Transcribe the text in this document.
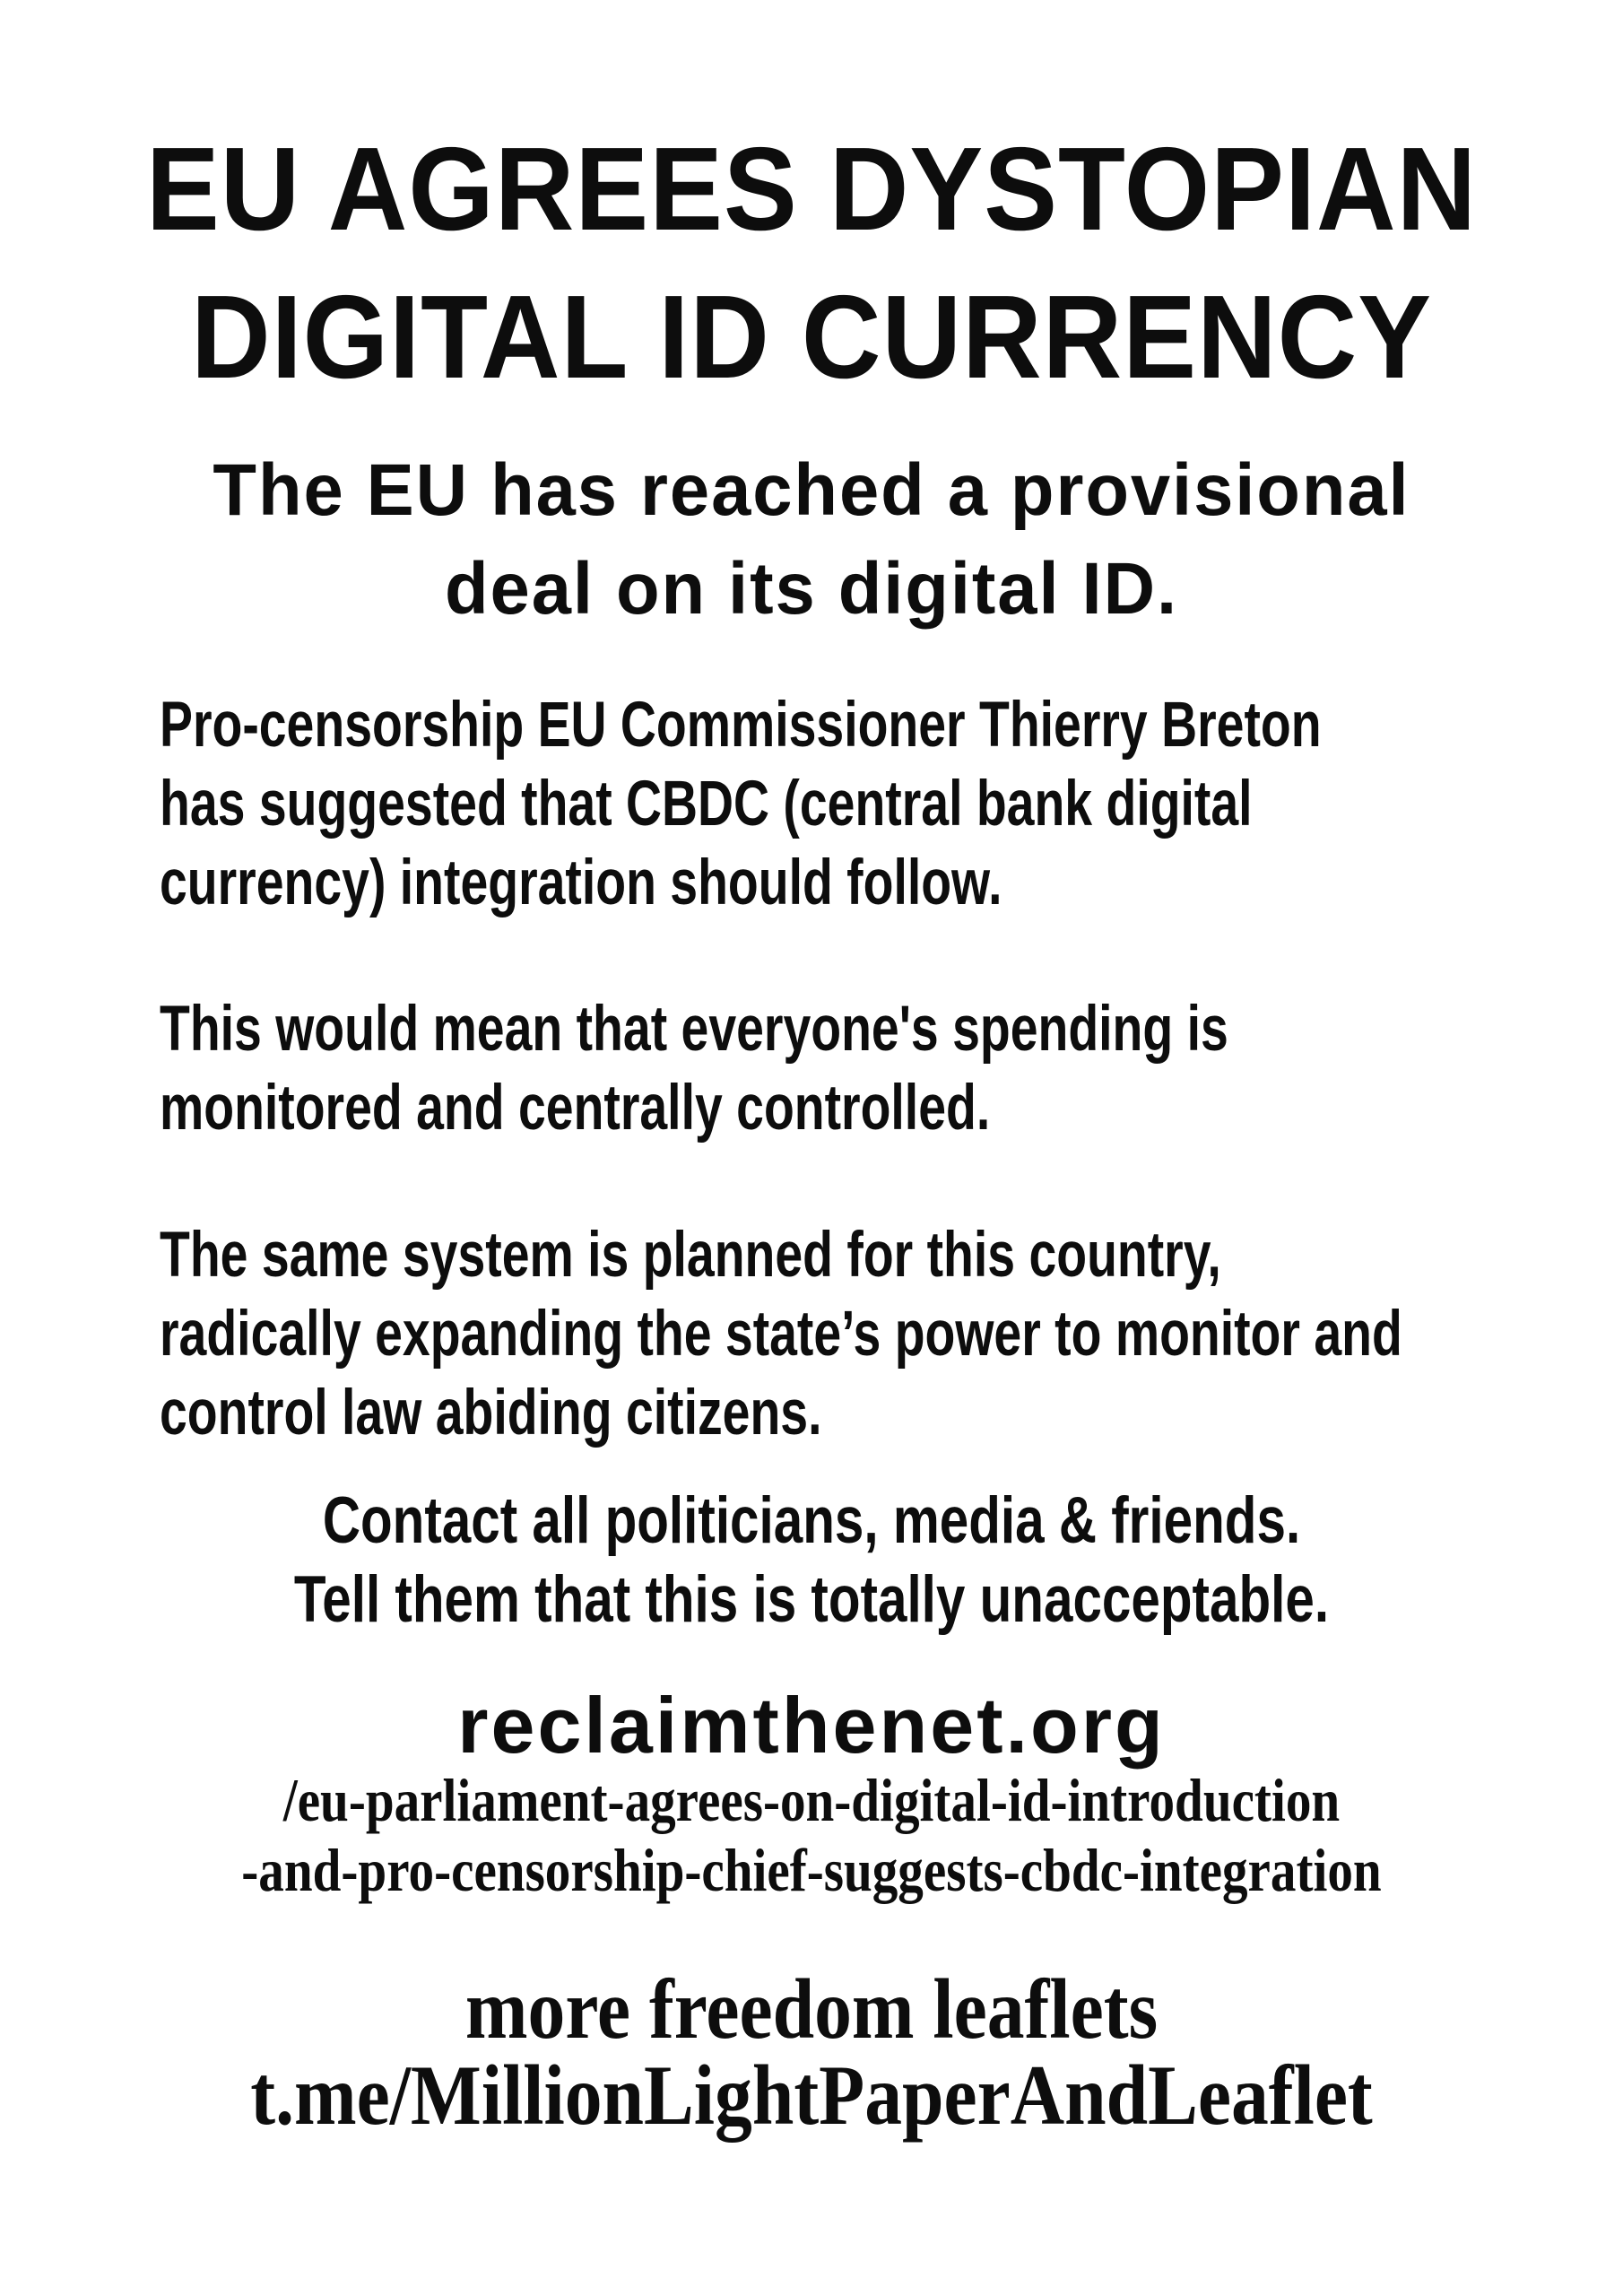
EU AGREES DYSTOPIAN
DIGITAL ID CURRENCY
The EU has reached a provisional
deal on its digital ID.
Pro-censorship EU Commissioner Thierry Breton
has suggested that CBDC (central bank digital
currency) integration should follow.
This would mean that everyone's spending is
monitored and centrally controlled.
The same system is planned for this country,
radically expanding the state’s power to monitor and
control law abiding citizens.
Contact all politicians, media & friends.
Tell them that this is totally unacceptable.
reclaimthenet.org
/eu-parliament-agrees-on-digital-id-introduction
-and-pro-censorship-chief-suggests-cbdc-integration
more freedom leaflets
t.me/MillionLightPaperAndLeaflet
